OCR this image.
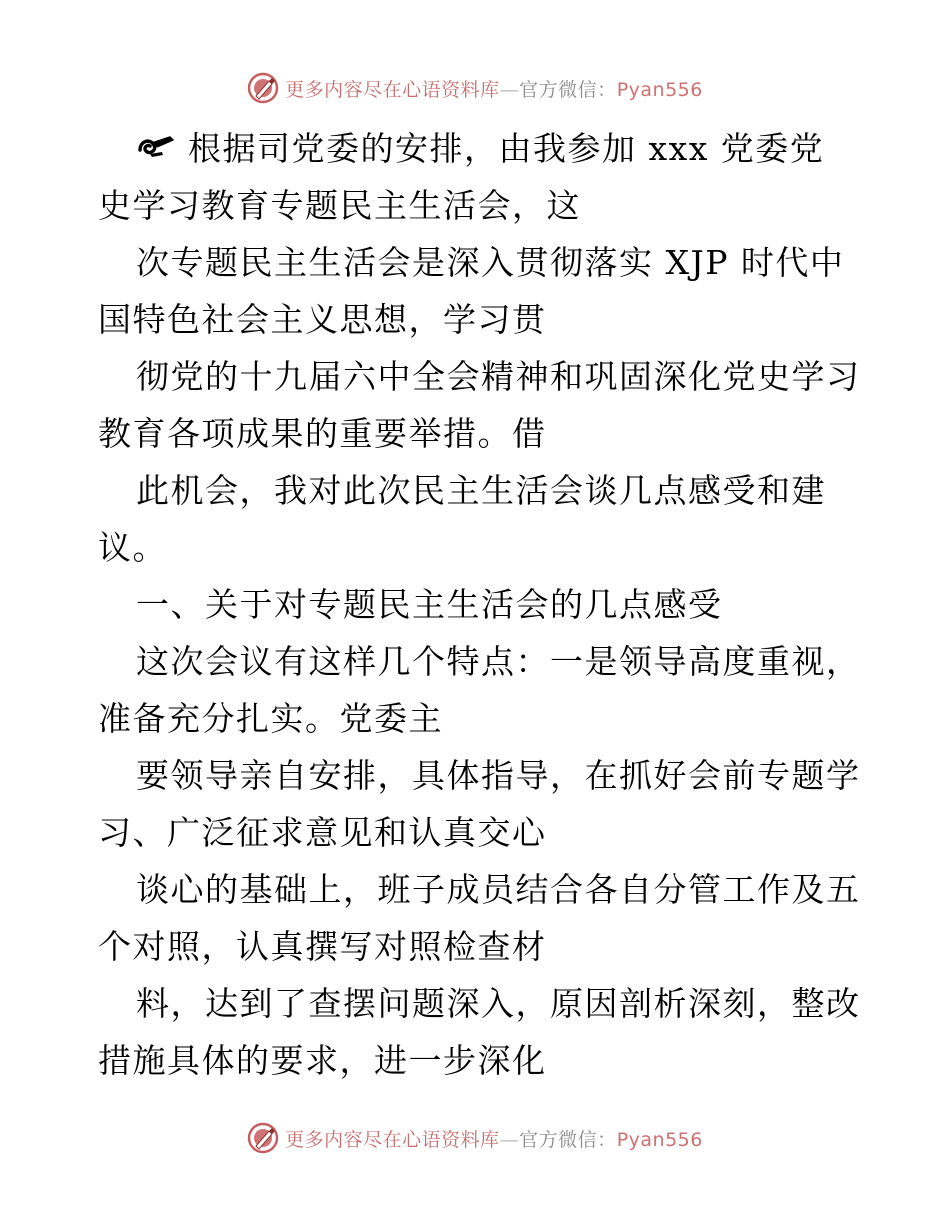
更多内容尽在心语资料库—官方微信：Pyan556
根据司党委的安排，由我参加 xxx 党委党
史学习教育专题民主生活会，这
次专题民主生活会是深入贯彻落实 XJP 时代中
国特色社会主义思想，学习贯
彻党的十九届六中全会精神和巩固深化党史学习
教育各项成果的重要举措。借
此机会，我对此次民主生活会谈几点感受和建
议。
一、关于对专题民主生活会的几点感受
这次会议有这样几个特点：一是领导高度重视，
准备充分扎实。党委主
要领导亲自安排，具体指导，在抓好会前专题学
习、广泛征求意见和认真交心
谈心的基础上，班子成员结合各自分管工作及五
个对照，认真撰写对照检查材
料，达到了查摆问题深入，原因剖析深刻，整改
措施具体的要求，进一步深化
更多内容尽在心语资料库—官方微信：Pyan556
